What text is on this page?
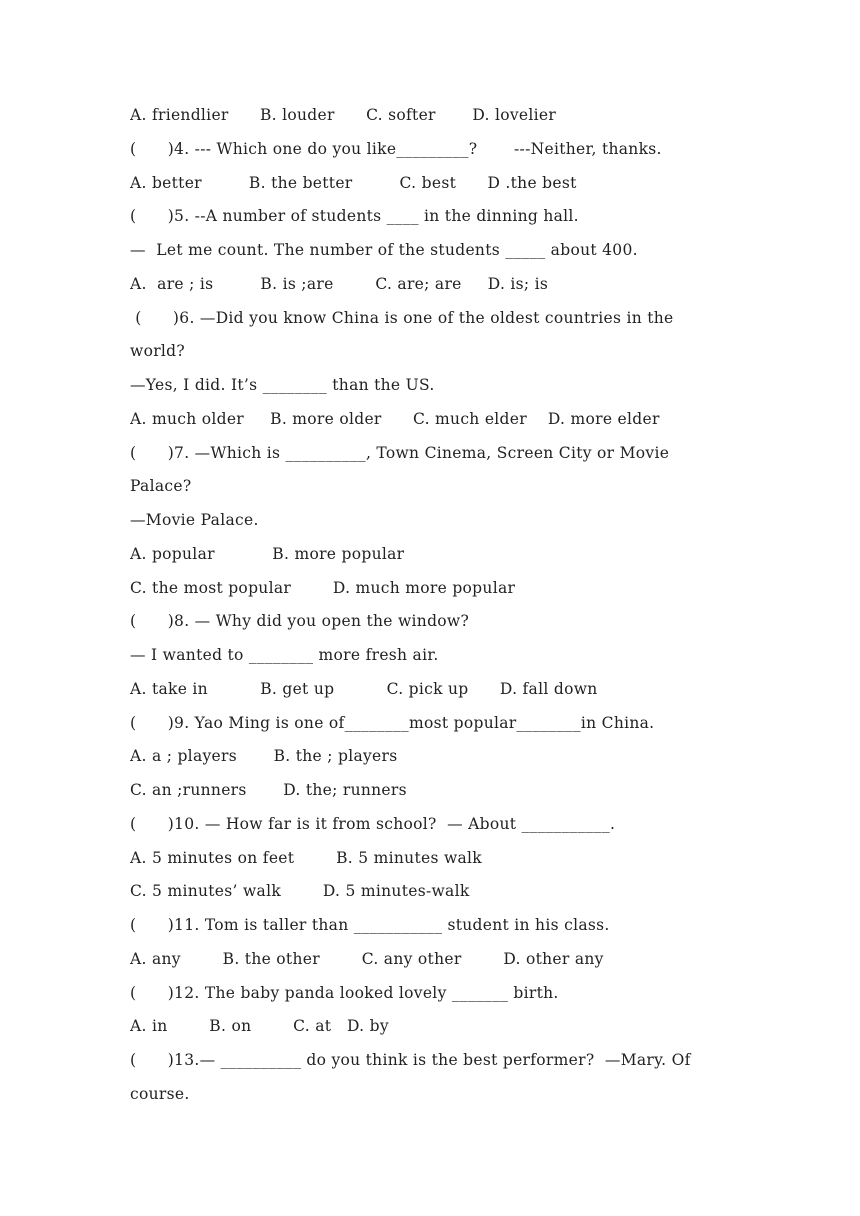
A. friendlier      B. louder      C. softer       D. lovelier
(      )4. --- Which one do you like_________?       ---Neither, thanks.
A. better         B. the better         C. best      D .the best
(      )5. --A number of students ____ in the dinning hall.
—  Let me count. The number of the students _____ about 400.
A.  are ; is         B. is ;are        C. are; are     D. is; is
(      )6. —Did you know China is one of the oldest countries in the
world?
—Yes, I did. It’s ________ than the US.
A. much older     B. more older      C. much elder    D. more elder
(      )7. —Which is __________, Town Cinema, Screen City or Movie
Palace?
—Movie Palace.
A. popular           B. more popular
C. the most popular        D. much more popular
(      )8. — Why did you open the window?
— I wanted to ________ more fresh air.
A. take in          B. get up          C. pick up      D. fall down
(      )9. Yao Ming is one of________most popular________in China.
A. a ; players       B. the ; players
C. an ;runners       D. the; runners
(      )10. — How far is it from school?  — About ___________.
A. 5 minutes on feet        B. 5 minutes walk
C. 5 minutes’ walk        D. 5 minutes-walk
(      )11. Tom is taller than ___________ student in his class.
A. any        B. the other        C. any other        D. other any
(      )12. The baby panda looked lovely _______ birth.
A. in        B. on        C. at   D. by
(      )13.— __________ do you think is the best performer?  —Mary. Of
course.
